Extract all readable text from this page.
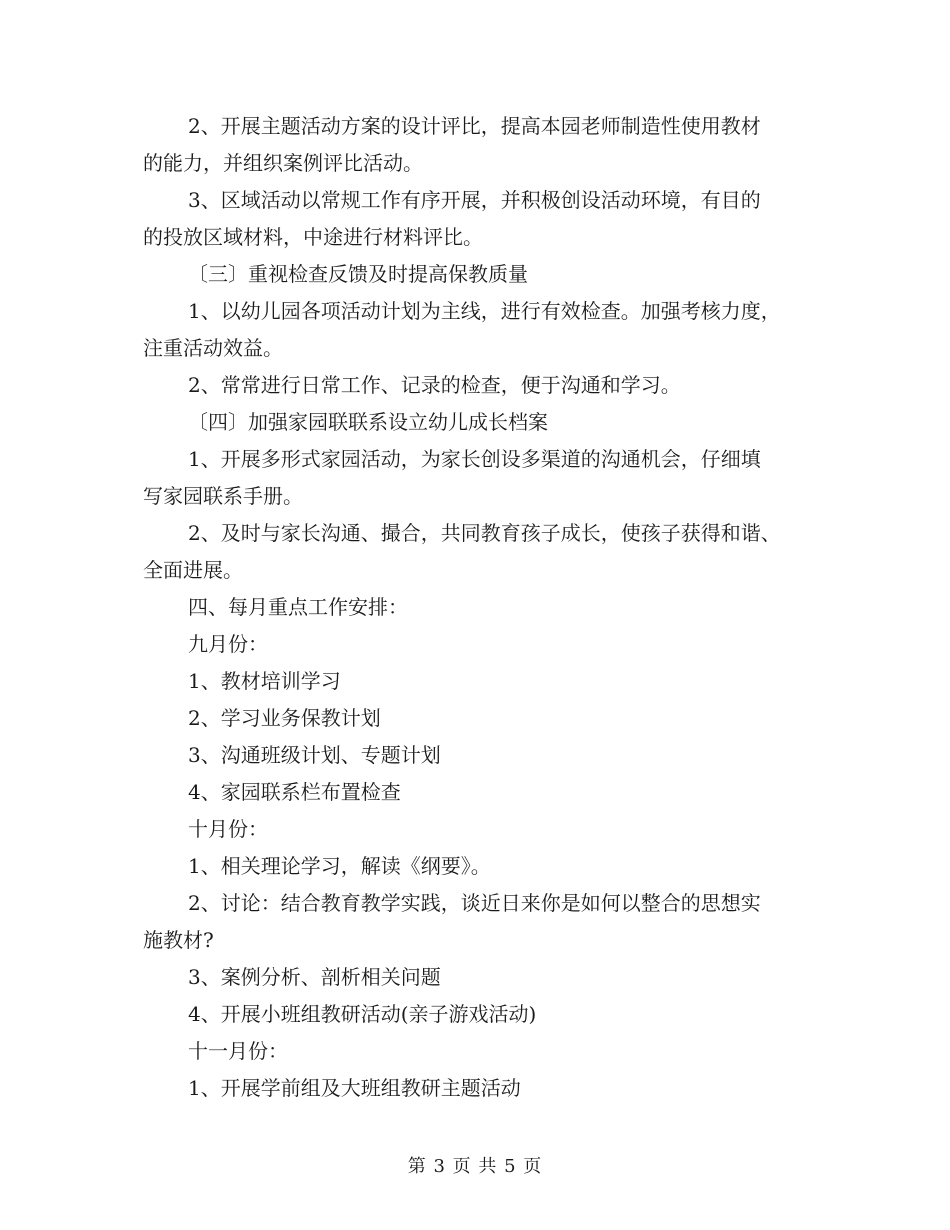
2、开展主题活动方案的设计评比，提高本园老师制造性使用教材
的能力，并组织案例评比活动。

3、区域活动以常规工作有序开展，并积极创设活动环境，有目的
的投放区域材料，中途进行材料评比。

〔三〕重视检查反馈及时提高保教质量

1、以幼儿园各项活动计划为主线，进行有效检查。加强考核力度，
注重活动效益。

2、常常进行日常工作、记录的检查，便于沟通和学习。

〔四〕加强家园联联系设立幼儿成长档案

1、开展多形式家园活动，为家长创设多渠道的沟通机会，仔细填
写家园联系手册。

2、及时与家长沟通、撮合，共同教育孩子成长，使孩子获得和谐、
全面进展。

四、每月重点工作安排：

九月份：

1、教材培训学习

2、学习业务保教计划

3、沟通班级计划、专题计划

4、家园联系栏布置检查

十月份：

1、相关理论学习，解读《纲要》。

2、讨论：结合教育教学实践，谈近日来你是如何以整合的思想实
施教材?

3、案例分析、剖析相关问题

4、开展小班组教研活动(亲子游戏活动)

十一月份：

1、开展学前组及大班组教研主题活动

第 3 页 共 5 页
